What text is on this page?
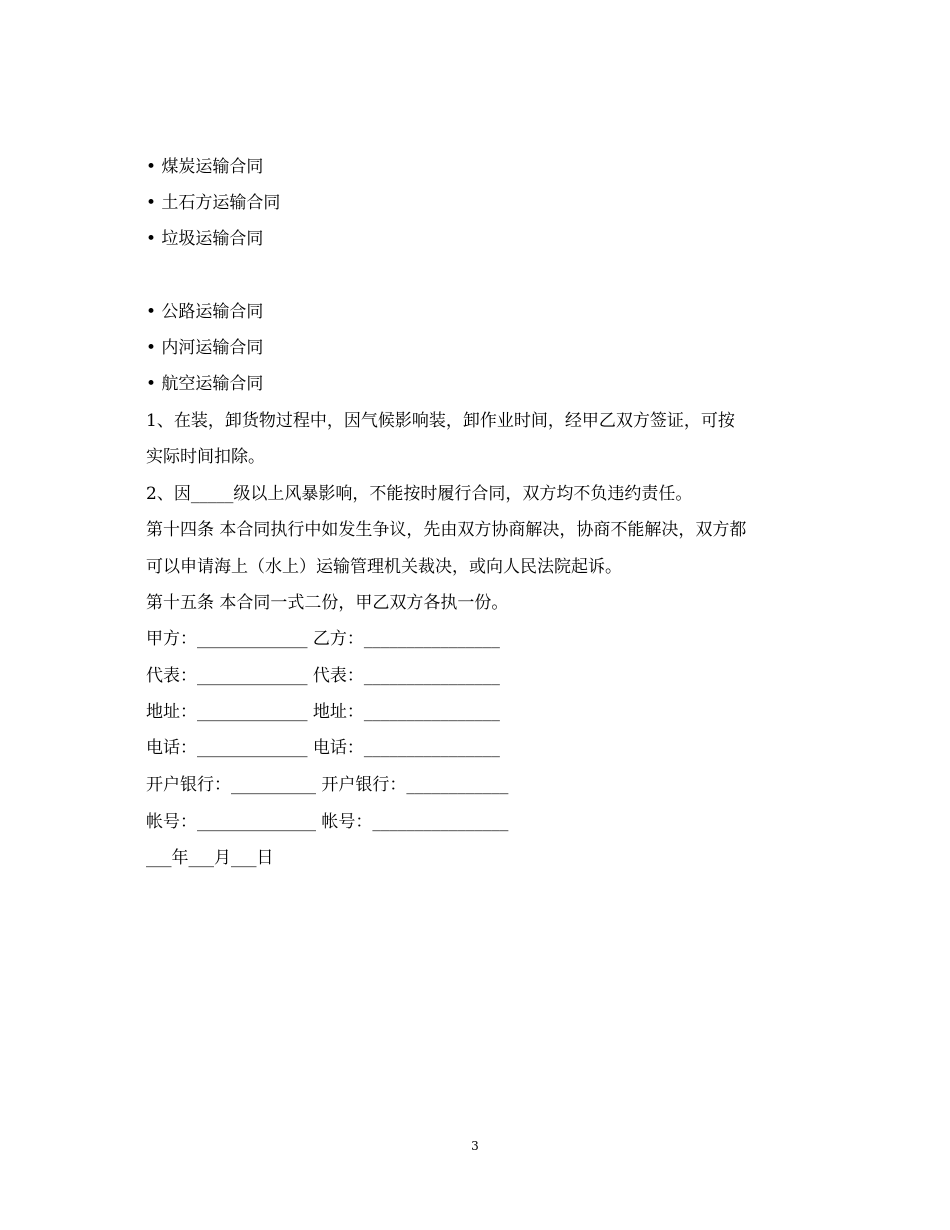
• 煤炭运输合同
• 土石方运输合同
• 垃圾运输合同
• 公路运输合同
• 内河运输合同
• 航空运输合同
1、在装，卸货物过程中，因气候影响装，卸作业时间，经甲乙双方签证，可按
实际时间扣除。
2、因_____级以上风暴影响，不能按时履行合同，双方均不负违约责任。
第十四条 本合同执行中如发生争议，先由双方协商解决，协商不能解决，双方都
可以申请海上（水上）运输管理机关裁决，或向人民法院起诉。
第十五条 本合同一式二份，甲乙双方各执一份。
甲方：_____________ 乙方：________________
代表：_____________ 代表：________________
地址：_____________ 地址：________________
电话：_____________ 电话：________________
开户银行：__________ 开户银行：____________
帐号：______________ 帐号：________________
___年___月___日
3
